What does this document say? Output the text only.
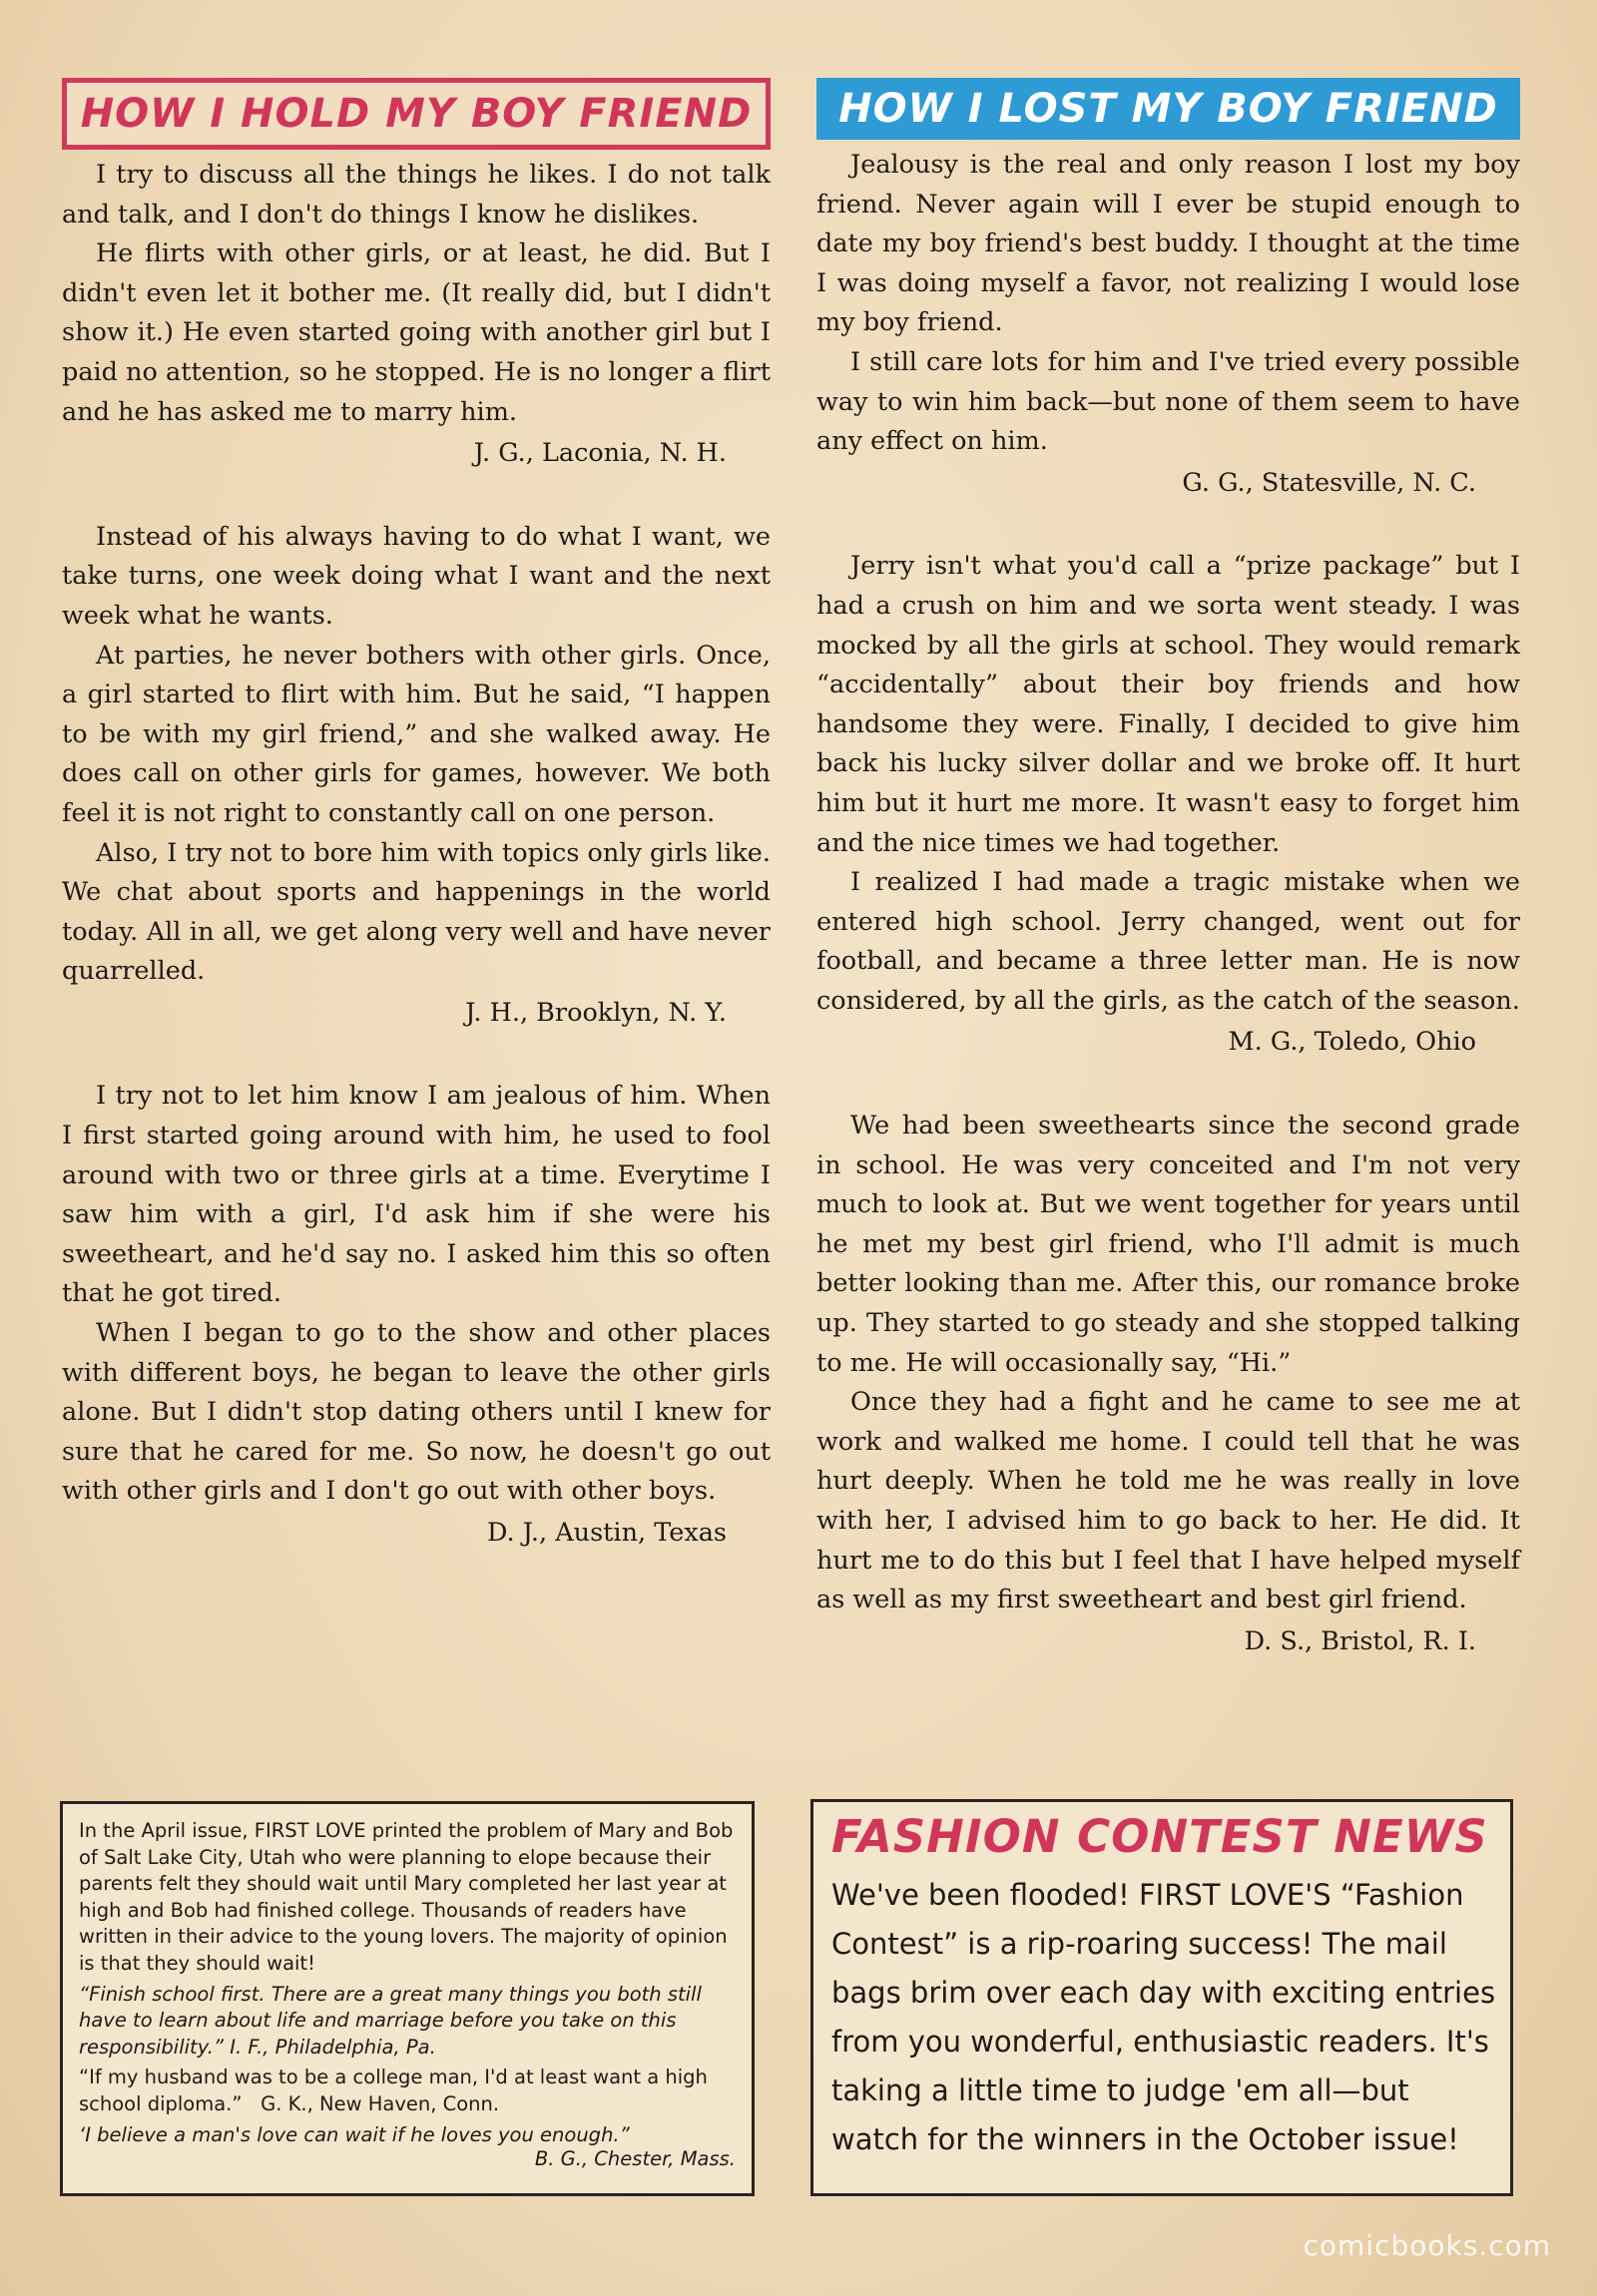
HOW I HOLD MY BOY FRIEND

I try to discuss all the things he likes. I do not talk and talk, and I don't do things I know he dislikes.

He flirts with other girls, or at least, he did. But I didn't even let it bother me. (It really did, but I didn't show it.) He even started going with another girl but I paid no attention, so he stopped. He is no longer a flirt and he has asked me to marry him.

J. G., Laconia, N. H.

Instead of his always having to do what I want, we take turns, one week doing what I want and the next week what he wants.

At parties, he never bothers with other girls. Once, a girl started to flirt with him. But he said, “I happen to be with my girl friend,” and she walked away. He does call on other girls for games, however. We both feel it is not right to constantly call on one person.

Also, I try not to bore him with topics only girls like. We chat about sports and happenings in the world today. All in all, we get along very well and have never quarrelled.

J. H., Brooklyn, N. Y.

I try not to let him know I am jealous of him. When I first started going around with him, he used to fool around with two or three girls at a time. Everytime I saw him with a girl, I'd ask him if she were his sweetheart, and he'd say no. I asked him this so often that he got tired.

When I began to go to the show and other places with different boys, he began to leave the other girls alone. But I didn't stop dating others until I knew for sure that he cared for me. So now, he doesn't go out with other girls and I don't go out with other boys.

D. J., Austin, Texas
HOW I LOST MY BOY FRIEND

Jealousy is the real and only reason I lost my boy friend. Never again will I ever be stupid enough to date my boy friend's best buddy. I thought at the time I was doing myself a favor, not realizing I would lose my boy friend.

I still care lots for him and I've tried every possible way to win him back—but none of them seem to have any effect on him.

G. G., Statesville, N. C.

Jerry isn't what you'd call a “prize package” but I had a crush on him and we sorta went steady. I was mocked by all the girls at school. They would remark “accidentally” about their boy friends and how handsome they were. Finally, I decided to give him back his lucky silver dollar and we broke off. It hurt him but it hurt me more. It wasn't easy to forget him and the nice times we had together.

I realized I had made a tragic mistake when we entered high school. Jerry changed, went out for football, and became a three letter man. He is now considered, by all the girls, as the catch of the season.

M. G., Toledo, Ohio

We had been sweethearts since the second grade in school. He was very conceited and I'm not very much to look at. But we went together for years until he met my best girl friend, who I'll admit is much better looking than me. After this, our romance broke up. They started to go steady and she stopped talking to me. He will occasionally say, “Hi.”

Once they had a fight and he came to see me at work and walked me home. I could tell that he was hurt deeply. When he told me he was really in love with her, I advised him to go back to her. He did. It hurt me to do this but I feel that I have helped myself as well as my first sweetheart and best girl friend.

D. S., Bristol, R. I.

In the April issue, FIRST LOVE printed the problem of Mary and Bob of Salt Lake City, Utah who were planning to elope because their parents felt they should wait until Mary completed her last year at high and Bob had finished college. Thousands of readers have written in their advice to the young lovers. The majority of opinion is that they should wait!

“Finish school first. There are a great many things you both still have to learn about life and marriage before you take on this responsibility.” I. F., Philadelphia, Pa.

“If my husband was to be a college man, I'd at least want a high school diploma.” G. K., New Haven, Conn.

‘I believe a man's love can wait if he loves you enough.”

B. G., Chester, Mass.
FASHION CONTEST NEWS
We've been flooded! FIRST LOVE'S “Fashion Contest” is a rip-roaring success! The mail bags brim over each day with exciting entries from you wonderful, enthusiastic readers. It's taking a little time to judge 'em all—but watch for the winners in the October issue!
comicbooks.com
